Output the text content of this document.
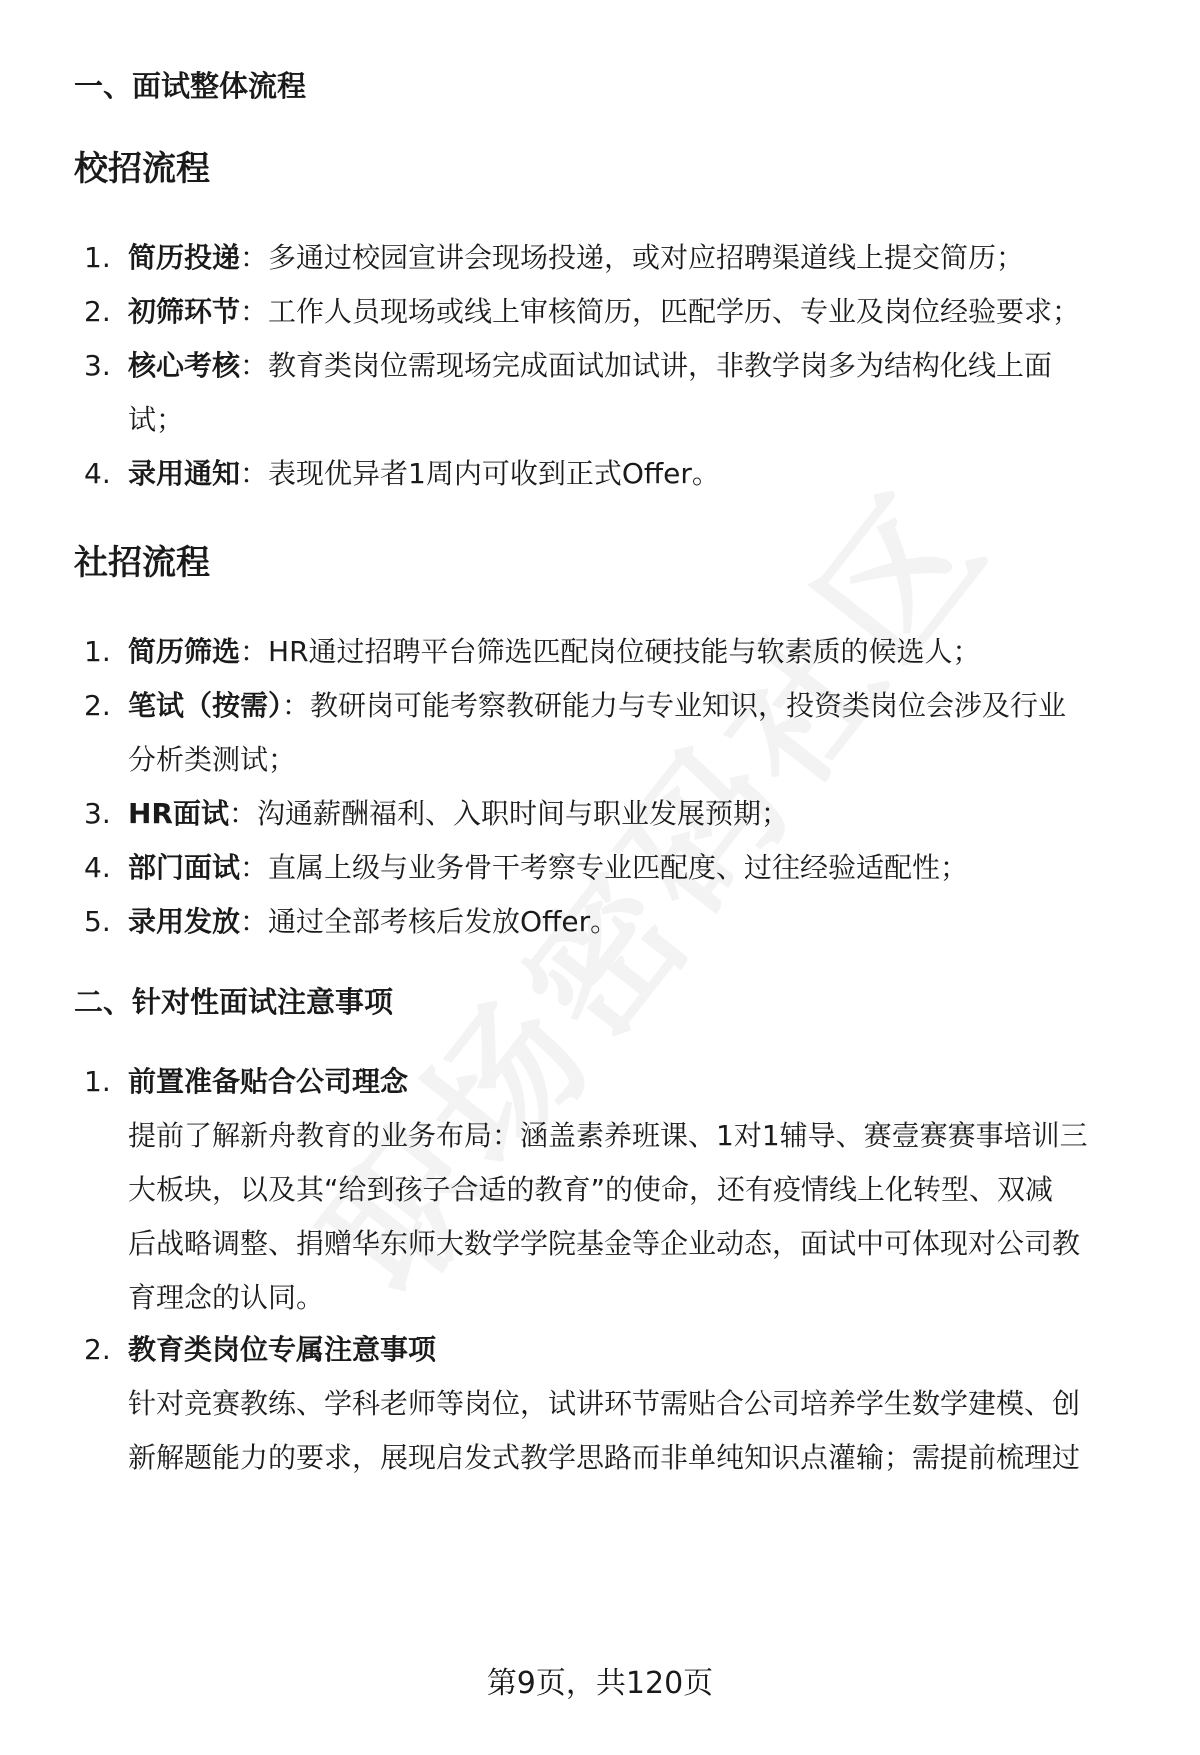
一、面试整体流程
校招流程
1. 简历投递：多通过校园宣讲会现场投递，或对应招聘渠道线上提交简历；
2. 初筛环节：工作人员现场或线上审核简历，匹配学历、专业及岗位经验要求；
3. 核心考核：教育类岗位需现场完成面试加试讲，非教学岗多为结构化线上面
试；
4. 录用通知：表现优异者1周内可收到正式Offer。
社招流程
1. 简历筛选：HR通过招聘平台筛选匹配岗位硬技能与软素质的候选人；
2. 笔试（按需）：教研岗可能考察教研能力与专业知识，投资类岗位会涉及行业
分析类测试；
3. HR面试：沟通薪酬福利、入职时间与职业发展预期；
4. 部门面试：直属上级与业务骨干考察专业匹配度、过往经验适配性；
5. 录用发放：通过全部考核后发放Offer。
二、针对性面试注意事项
1. 前置准备贴合公司理念
提前了解新舟教育的业务布局：涵盖素养班课、1对1辅导、赛壹赛赛事培训三
大板块，以及其“给到孩子合适的教育”的使命，还有疫情线上化转型、双减
后战略调整、捐赠华东师大数学学院基金等企业动态，面试中可体现对公司教
育理念的认同。
2. 教育类岗位专属注意事项
针对竞赛教练、学科老师等岗位，试讲环节需贴合公司培养学生数学建模、创
新解题能力的要求，展现启发式教学思路而非单纯知识点灌输；需提前梳理过
第9页，共120页
